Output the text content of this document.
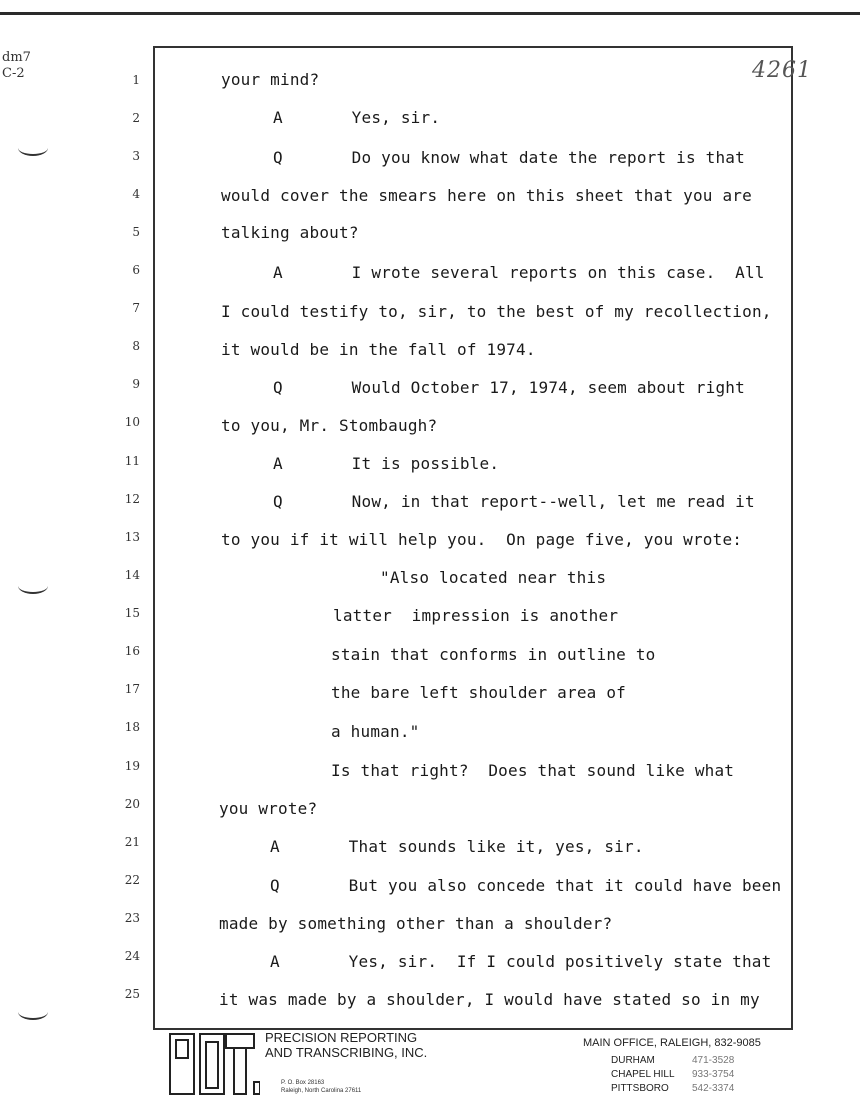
dm7
C-2	4261
1	your mind?
2	A       Yes, sir.
3	Q       Do you know what date the report is that
4	would cover the smears here on this sheet that you are
5	talking about?
6	A       I wrote several reports on this case.  All
7	I could testify to, sir, to the best of my recollection,
8	it would be in the fall of 1974.
9	Q       Would October 17, 1974, seem about right
10	to you, Mr. Stombaugh?
11	A       It is possible.
12	Q       Now, in that report--well, let me read it
13	to you if it will help you.  On page five, you wrote:
14	"Also located near this
15	latter  impression is another
16	stain that conforms in outline to
17	the bare left shoulder area of
18	a human."
19	Is that right?  Does that sound like what
20	you wrote?
21	A       That sounds like it, yes, sir.
22	Q       But you also concede that it could have been
23	made by something other than a shoulder?
24	A       Yes, sir.  If I could positively state that
25	it was made by a shoulder, I would have stated so in my
PRECISION REPORTING
AND TRANSCRIBING, INC.
P. O. Box 28163
Raleigh, North Carolina 27611
MAIN OFFICE, RALEIGH, 832-9085
DURHAM	471-3528
CHAPEL HILL 933-3754
PITTSBORO 542-3374
